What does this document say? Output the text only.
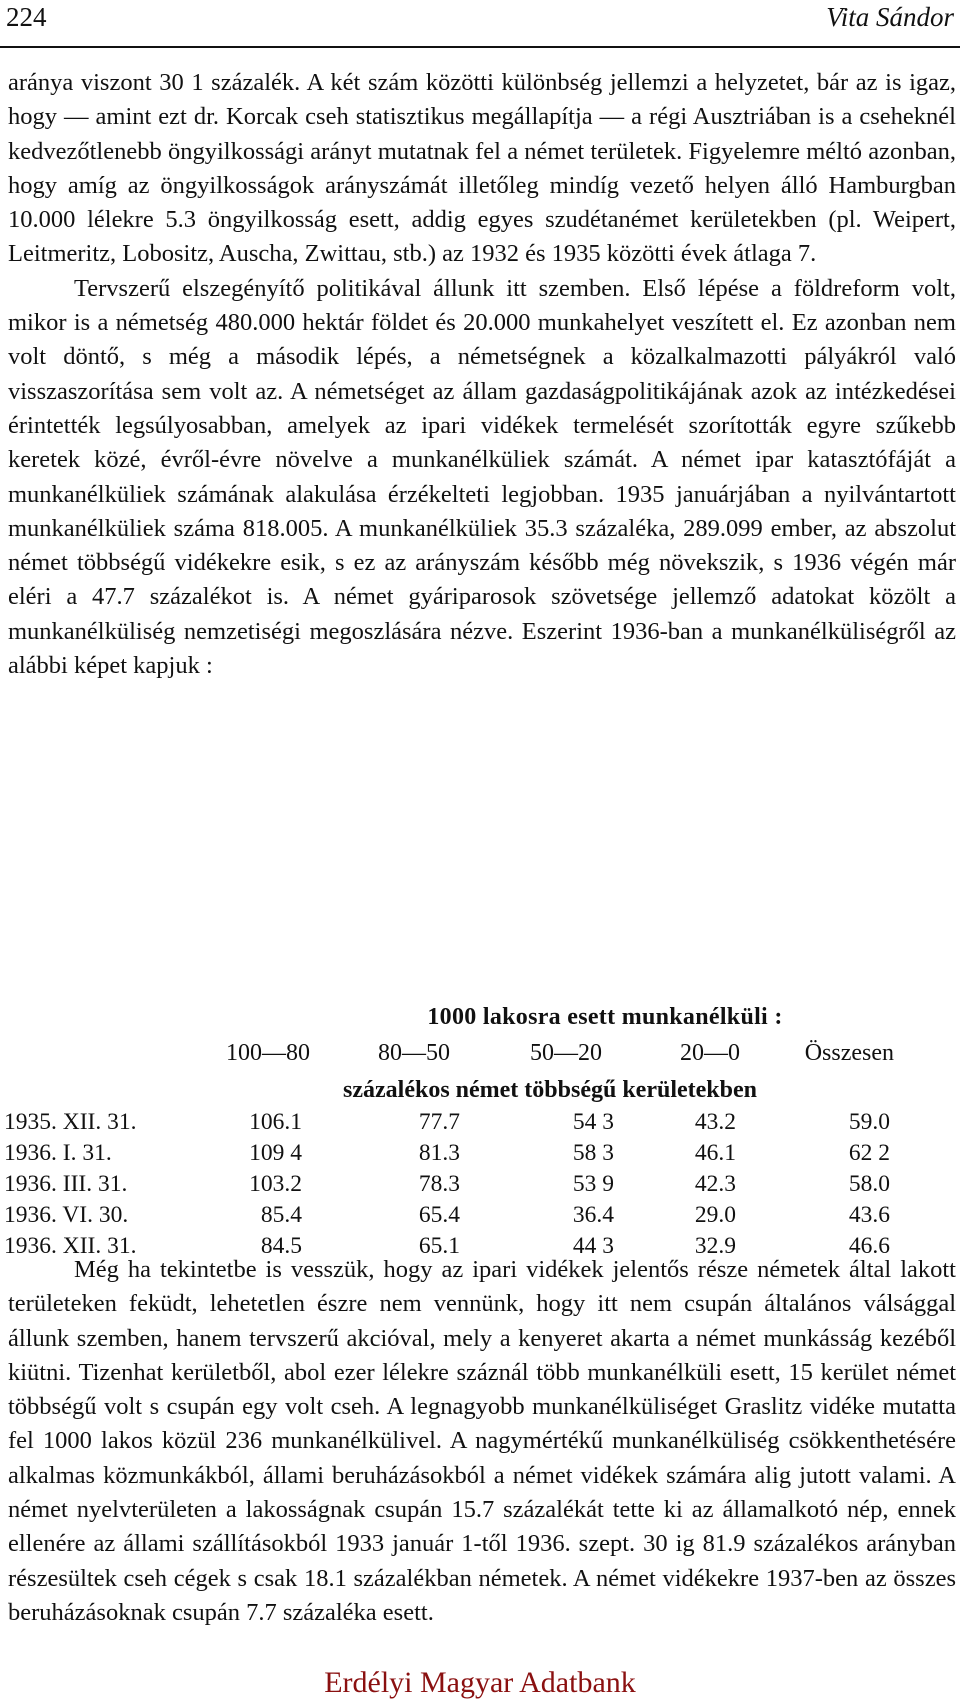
224	Vita Sándor

aránya viszont 30 1 százalék. A két szám közötti különbség jellemzi a helyzetet, bár az is igaz, hogy — amint ezt dr. Korcak cseh statisztikus megállapítja — a régi Ausztriában is a cseheknél kedvezőtlenebb öngyilkossági arányt mutatnak fel a német területek. Figyelemre méltó azonban, hogy amíg az öngyilkosságok arányszámát illetőleg mindíg vezető helyen álló Hamburgban 10.000 lélekre 5.3 öngyilkosság esett, addig egyes szudétanémet kerületekben (pl. Weipert, Leitmeritz, Lobositz, Auscha, Zwittau, stb.) az 1932 és 1935 közötti évek átlaga 7.

Tervszerű elszegényítő politikával állunk itt szemben. Első lépése a földreform volt, mikor is a németség 480.000 hektár földet és 20.000 munkahelyet veszített el. Ez azonban nem volt döntő, s még a második lépés, a németségnek a közalkalmazotti pályákról való visszaszorítása sem volt az. A németséget az állam gazdaságpolitikájának azok az intézkedései érintették legsúlyosabban, amelyek az ipari vidékek termelését szorították egyre szűkebb keretek közé, évről-évre növelve a munkanélküliek számát. A német ipar katasztófáját a munkanélküliek számának alakulása érzékelteti legjobban. 1935 januárjában a nyilvántartott munkanélküliek száma 818.005. A munkanélküliek 35.3 százaléka, 289.099 ember, az abszolut német többségű vidékekre esik, s ez az arányszám később még növekszik, s 1936 végén már eléri a 47.7 százalékot is. A német gyáriparosok szövetsége jellemző adatokat közölt a munkanélküliség nemzetiségi megoszlására nézve. Eszerint 1936-ban a munkanélküliségről az alábbi képet kapjuk :

1000 lakosra esett munkanélküli :
100—80	80—50	50—20	20—0	Összesen
százalékos német többségű kerületekben
1935. XII. 31.	106.1	77.7	54 3	43.2	59.0
1936. I. 31.	109 4	81.3	58 3	46.1	62 2
1936. III. 31.	103.2	78.3	53 9	42.3	58.0
1936. VI. 30.	85.4	65.4	36.4	29.0	43.6
1936. XII. 31.	84.5	65.1	44 3	32.9	46.6

Még ha tekintetbe is vesszük, hogy az ipari vidékek jelentős része németek által lakott területeken feküdt, lehetetlen észre nem vennünk, hogy itt nem csupán általános válsággal állunk szemben, hanem tervszerű akcióval, mely a kenyeret akarta a német munkásság kezéből kiütni. Tizenhat kerületből, abol ezer lélekre száznál több munkanélküli esett, 15 kerület német többségű volt s csupán egy volt cseh. A legnagyobb munkanélküliséget Graslitz vidéke mutatta fel 1000 lakos közül 236 munkanélkülivel. A nagymértékű munkanélküliség csökkenthetésére alkalmas közmunkákból, állami beruházásokból a német vidékek számára alig jutott valami. A német nyelvterületen a lakosságnak csupán 15.7 százalékát tette ki az államalkotó nép, ennek ellenére az állami szállításokból 1933 január 1-től 1936. szept. 30 ig 81.9 százalékos arányban részesültek cseh cégek s csak 18.1 százalékban németek. A német vidékekre 1937-ben az összes beruházásoknak csupán 7.7 százaléka esett.

Erdélyi Magyar Adatbank
